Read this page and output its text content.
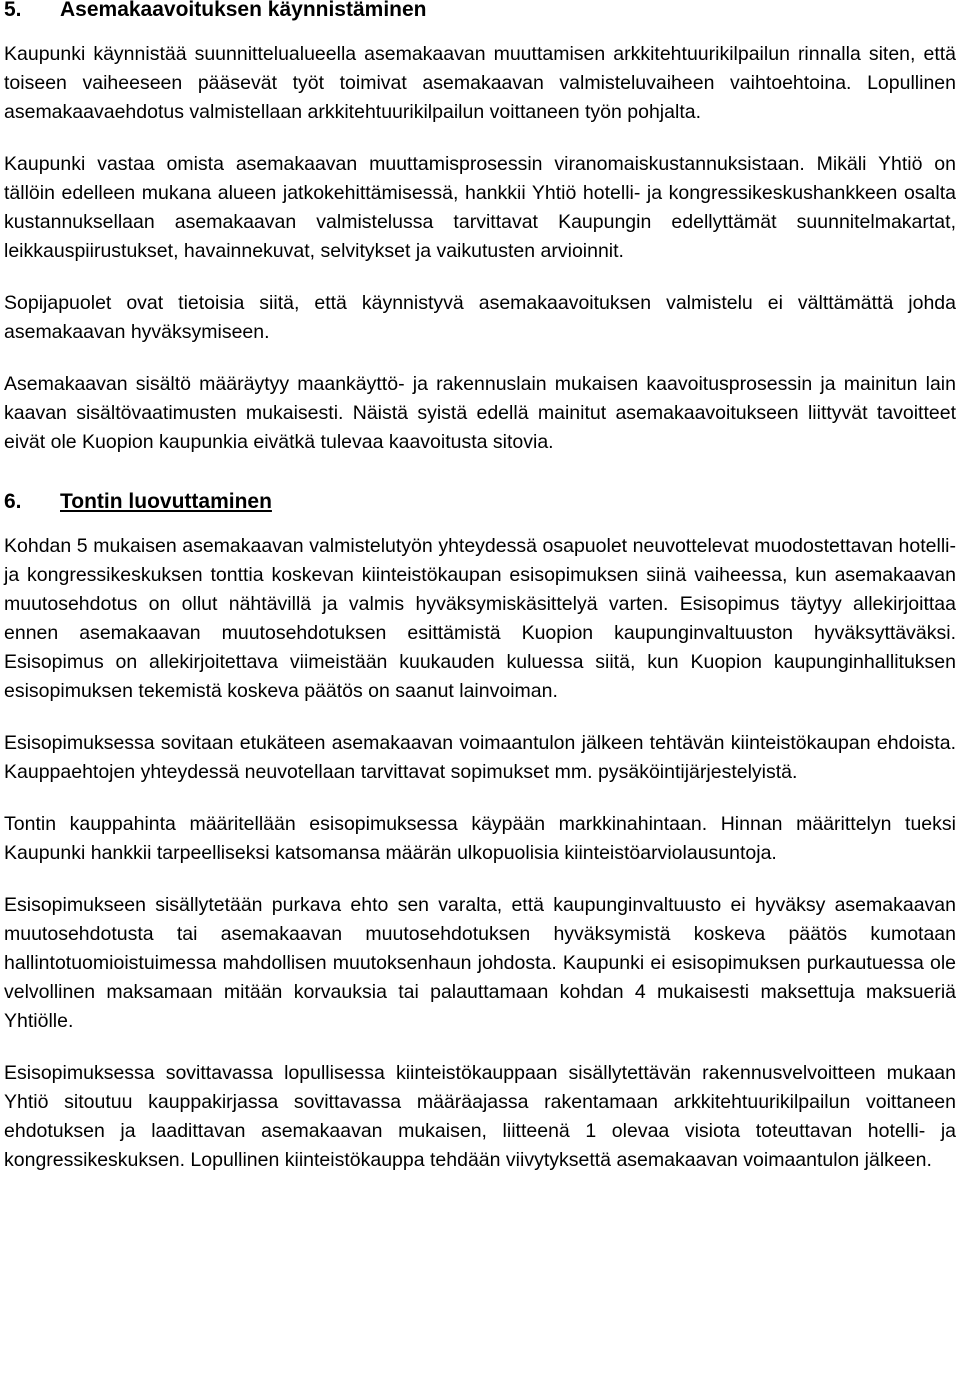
5.	Asemakaavoituksen käynnistäminen

Kaupunki käynnistää suunnittelualueella asemakaavan muuttamisen arkkitehtuurikilpailun rinnalla siten, että toiseen vaiheeseen pääsevät työt toimivat asemakaavan valmisteluvaiheen vaihtoehtoina. Lopullinen asemakaavaehdotus valmistellaan arkkitehtuurikilpailun voittaneen työn pohjalta.

Kaupunki vastaa omista asemakaavan muuttamisprosessin viranomaiskustannuksistaan. Mikäli Yhtiö on tällöin edelleen mukana alueen jatkokehittämisessä, hankkii Yhtiö hotelli- ja kongressikeskushankkeen osalta kustannuksellaan asemakaavan valmistelussa tarvittavat Kaupungin edellyttämät suunnitelmakartat, leikkauspiirustukset, havainnekuvat, selvitykset ja vaikutusten arvioinnit.

Sopijapuolet ovat tietoisia siitä, että käynnistyvä asemakaavoituksen valmistelu ei välttämättä johda asemakaavan hyväksymiseen.

Asemakaavan sisältö määräytyy maankäyttö- ja rakennuslain mukaisen kaavoitusprosessin ja mainitun lain kaavan sisältövaatimusten mukaisesti. Näistä syistä edellä mainitut asemakaavoitukseen liittyvät tavoitteet eivät ole Kuopion kaupunkia eivätkä tulevaa kaavoitusta sitovia.

6.	Tontin luovuttaminen

Kohdan 5 mukaisen asemakaavan valmistelutyön yhteydessä osapuolet neuvottelevat muodostettavan hotelli- ja kongressikeskuksen tonttia koskevan kiinteistökaupan esisopimuksen siinä vaiheessa, kun asemakaavan muutosehdotus on ollut nähtävillä ja valmis hyväksymiskäsittelyä varten. Esisopimus täytyy allekirjoittaa ennen asemakaavan muutosehdotuksen esittämistä Kuopion kaupunginvaltuuston hyväksyttäväksi. Esisopimus on allekirjoitettava viimeistään kuukauden kuluessa siitä, kun Kuopion kaupunginhallituksen esisopimuksen tekemistä koskeva päätös on saanut lainvoiman.

Esisopimuksessa sovitaan etukäteen asemakaavan voimaantulon jälkeen tehtävän kiinteistökaupan ehdoista. Kauppaehtojen yhteydessä neuvotellaan tarvittavat sopimukset mm. pysäköintijärjestelyistä.

Tontin kauppahinta määritellään esisopimuksessa käypään markkinahintaan. Hinnan määrittelyn tueksi Kaupunki hankkii tarpeelliseksi katsomansa määrän ulkopuolisia kiinteistöarviolausuntoja.

Esisopimukseen sisällytetään purkava ehto sen varalta, että kaupunginvaltuusto ei hyväksy asemakaavan muutosehdotusta tai asemakaavan muutosehdotuksen hyväksymistä koskeva päätös kumotaan hallintotuomioistuimessa mahdollisen muutoksenhaun johdosta. Kaupunki ei esisopimuksen purkautuessa ole velvollinen maksamaan mitään korvauksia tai palauttamaan kohdan 4 mukaisesti maksettuja maksueriä Yhtiölle.

Esisopimuksessa sovittavassa lopullisessa kiinteistökauppaan sisällytettävän rakennusvelvoitteen mukaan Yhtiö sitoutuu kauppakirjassa sovittavassa määräajassa rakentamaan arkkitehtuurikilpailun voittaneen ehdotuksen ja laadittavan asemakaavan mukaisen, liitteenä 1 olevaa visiota toteuttavan hotelli- ja kongressikeskuksen. Lopullinen kiinteistökauppa tehdään viivytyksettä asemakaavan voimaantulon jälkeen.
